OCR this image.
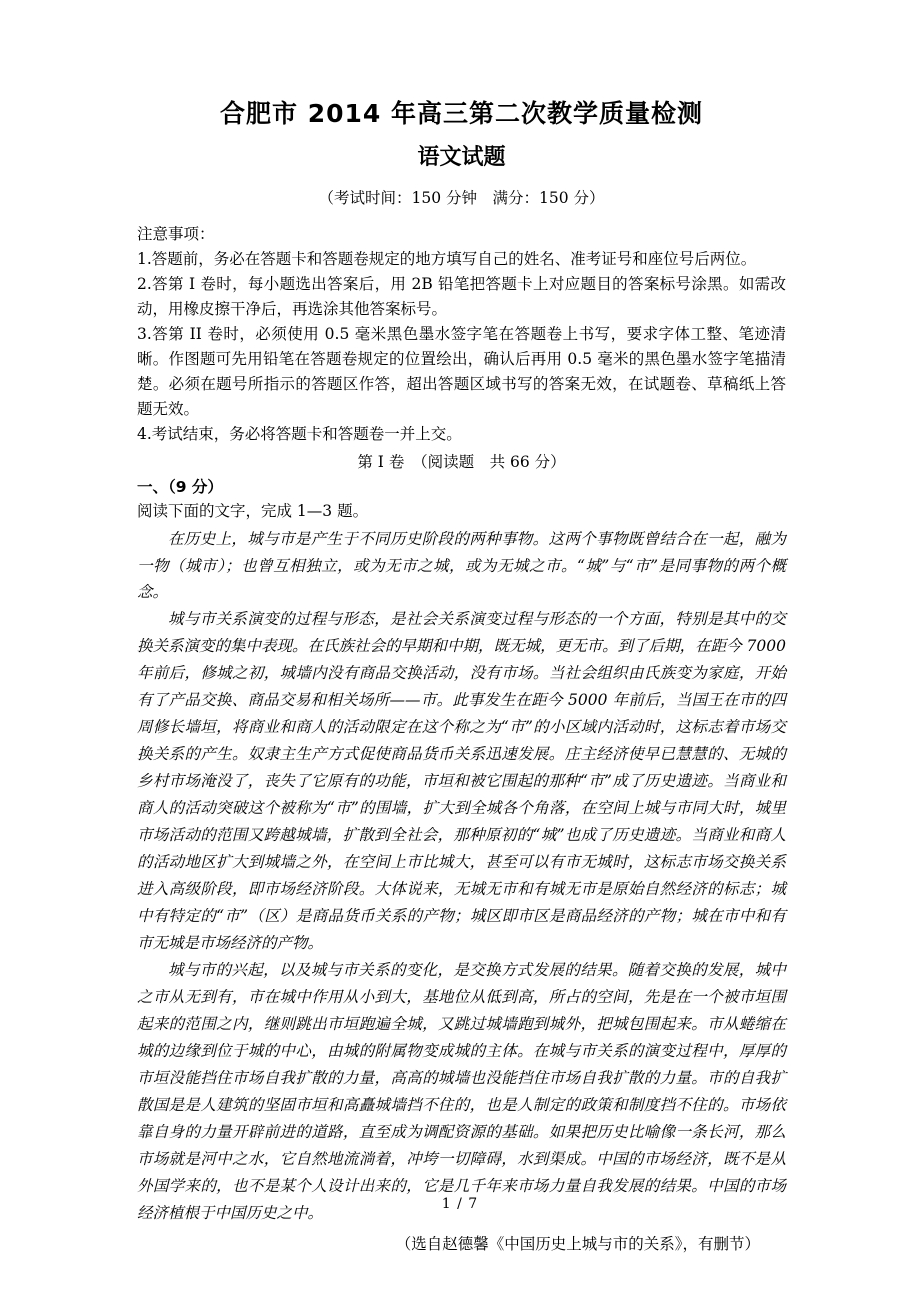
合肥市 2014 年高三第二次教学质量检测
语文试题

（考试时间：150 分钟　满分：150 分）

注意事项：

1.答题前，务必在答题卡和答题卷规定的地方填写自己的姓名、准考证号和座位号后两位。

2.答第 I 卷时，每小题选出答案后，用 2B 铅笔把答题卡上对应题目的答案标号涂黑。如需改动，用橡皮擦干净后，再选涂其他答案标号。

3.答第 II 卷时，必须使用 0.5 毫米黑色墨水签字笔在答题卷上书写，要求字体工整、笔迹清晰。作图题可先用铅笔在答题卷规定的位置绘出，确认后再用 0.5 毫米的黑色墨水签字笔描清楚。必须在题号所指示的答题区作答，超出答题区域书写的答案无效，在试题卷、草稿纸上答题无效。

4.考试结束，务必将答题卡和答题卷一并上交。

第 I 卷　（阅读题　共 66 分）

一、（9 分）

阅读下面的文字，完成 1—3 题。

在历史上，城与市是产生于不同历史阶段的两种事物。这两个事物既曾结合在一起，融为一物（城市）；也曾互相独立，或为无市之城，或为无城之市。“城”与“市”是同事物的两个概念。

城与市关系演变的过程与形态，是社会关系演变过程与形态的一个方面，特别是其中的交换关系演变的集中表现。在氏族社会的早期和中期，既无城，更无市。到了后期，在距今 7000 年前后，修城之初，城墙内没有商品交换活动，没有市场。当社会组织由氏族变为家庭，开始有了产品交换、商品交易和相关场所——市。此事发生在距今 5000 年前后，当国王在市的四周修长墙垣，将商业和商人的活动限定在这个称之为“市”的小区域内活动时，这标志着市场交换关系的产生。奴隶主生产方式促使商品货币关系迅速发展。庄主经济使早已慧慧的、无城的乡村市场淹没了，丧失了它原有的功能，市垣和被它围起的那种“市”成了历史遗迹。当商业和商人的活动突破这个被称为“市”的围墙，扩大到全城各个角落，在空间上城与市同大时，城里市场活动的范围又跨越城墙，扩散到全社会，那种原初的“城”也成了历史遗迹。当商业和商人的活动地区扩大到城墙之外，在空间上市比城大，甚至可以有市无城时，这标志市场交换关系进入高级阶段，即市场经济阶段。大体说来，无城无市和有城无市是原始自然经济的标志；城中有特定的“市”（区）是商品货币关系的产物；城区即市区是商品经济的产物；城在市中和有市无城是市场经济的产物。

城与市的兴起，以及城与市关系的变化，是交换方式发展的结果。随着交换的发展，城中之市从无到有，市在城中作用从小到大，基地位从低到高，所占的空间，先是在一个被市垣围起来的范围之内，继则跳出市垣跑遍全城，又跳过城墙跑到城外，把城包围起来。市从蜷缩在城的边缘到位于城的中心，由城的附属物变成城的主体。在城与市关系的演变过程中，厚厚的市垣没能挡住市场自我扩散的力量，高高的城墙也没能挡住市场自我扩散的力量。市的自我扩散国是是人建筑的坚固市垣和高矗城墙挡不住的，也是人制定的政策和制度挡不住的。市场依靠自身的力量开辟前进的道路，直至成为调配资源的基础。如果把历史比喻像一条长河，那么市场就是河中之水，它自然地流淌着，冲垮一切障碍，水到渠成。中国的市场经济，既不是从外国学来的，也不是某个人设计出来的，它是几千年来市场力量自我发展的结果。中国的市场经济植根于中国历史之中。

（选自赵德馨《中国历史上城与市的关系》，有删节）

1 / 7
